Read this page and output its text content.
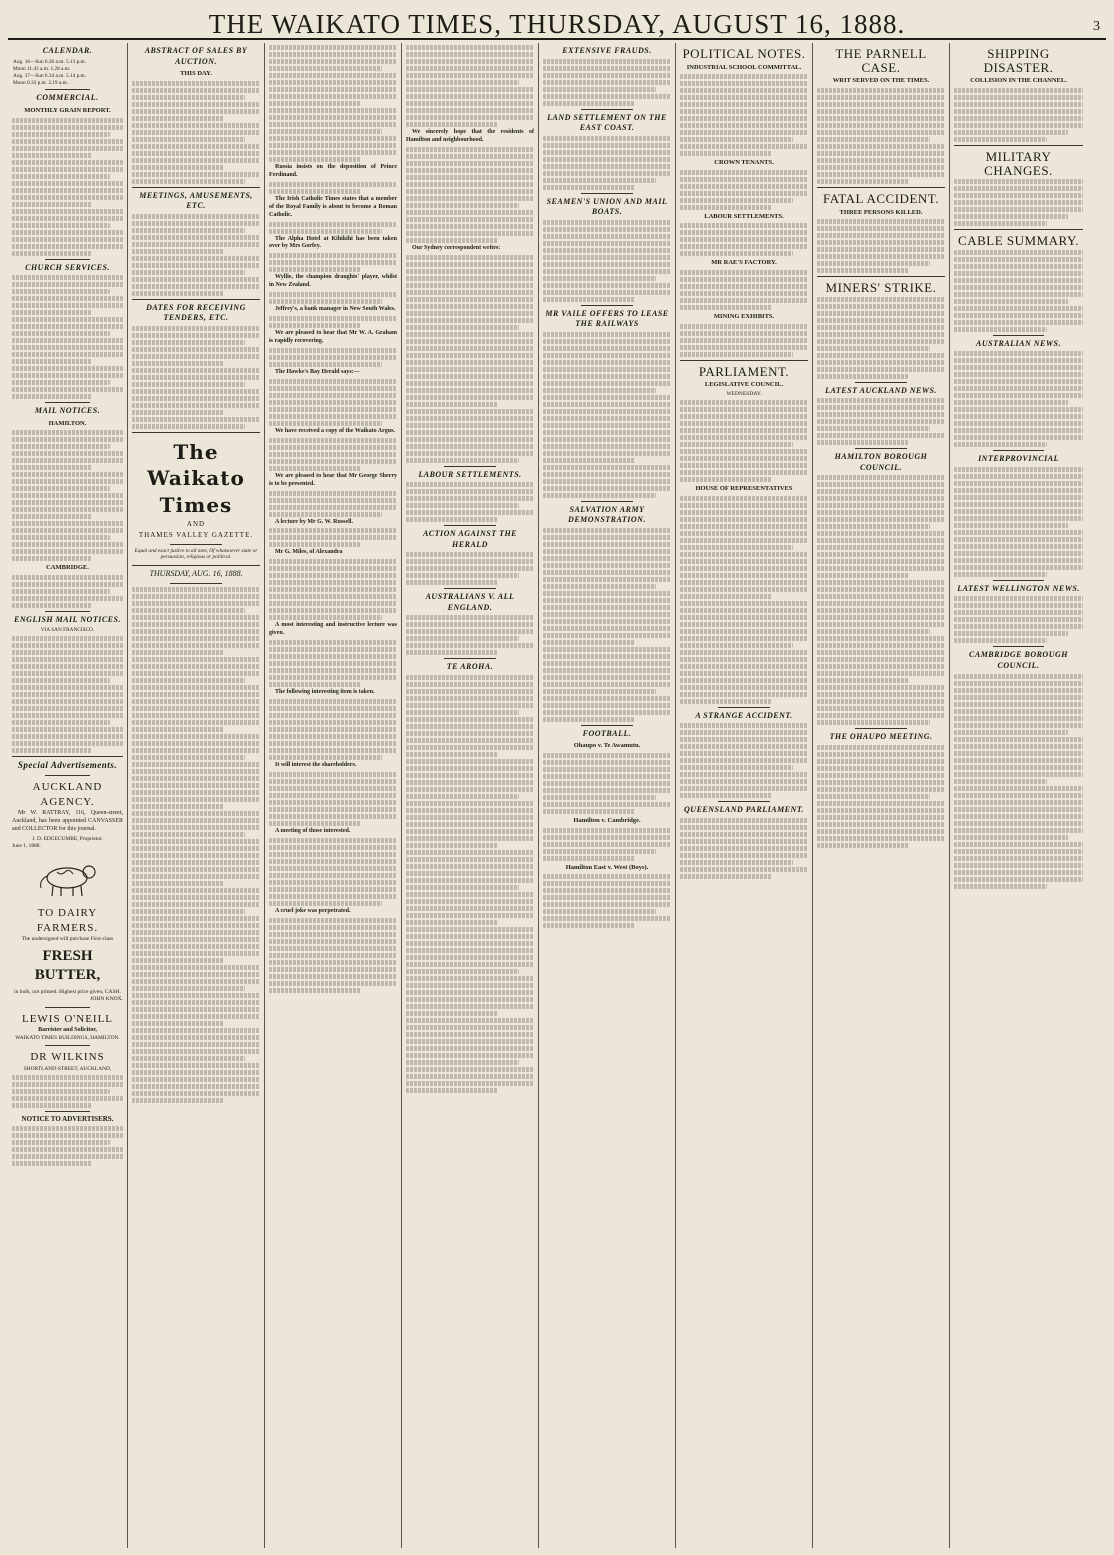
THE WAIKATO TIMES, THURSDAY, AUGUST 16, 1888.	3
CALENDAR.
Aug. 16—Sun 6.36 a.m. 5.13 p.m.
Moon 11.43 a.m. 1.28 a.m.
Aug. 17—Sun 6.34 a.m. 5.14 p.m.
Moon 0.33 p.m. 2.19 a.m.
COMMERCIAL.
MONTHLY GRAIN REPORT.
CHURCH SERVICES.
MAIL NOTICES.
HAMILTON.
CAMBRIDGE.
ENGLISH MAIL NOTICES.
VIA SAN FRANCISCO.
Special Advertisements.
AUCKLAND AGENCY.

Mr W. RATTRAY, 116, Queen-street, Auckland, has been appointed CANVASSER and COLLECTOR for this journal.

J. D. EDGECUMBE, Proprietor.
June 1, 1888.
TO DAIRY FARMERS.
The undersigned will purchase First-class
FRESH BUTTER,
in bulk, not printed. Highest price given, CASH.
JOHN KNOX.
LEWIS O'NEILL
Barrister and Solicitor,
WAIKATO TIMES BUILDINGS, HAMILTON.
DR WILKINS
SHORTLAND-STREET, AUCKLAND,
NOTICE TO ADVERTISERS.
ABSTRACT OF SALES BY AUCTION.
THIS DAY.
MEETINGS, AMUSEMENTS, ETC.
DATES FOR RECEIVING TENDERS, ETC.
The Waikato Times
AND
THAMES VALLEY GAZETTE.
Equal and exact justice to all men, Of whatsoever state or persuasion, religious or political.
THURSDAY, AUG. 16, 1888.

Russia insists on the deposition of Prince Ferdinand.

The Irish Catholic Times states that a member of the Royal Family is about to become a Roman Catholic.

The Alpha Hotel at Kihikihi has been taken over by Mrs Gorfey.

Wyllie, the champion draughts' player, whilst in New Zealand.

Jeffrey's, a bank manager in New South Wales.

We are pleased to hear that Mr W. A. Graham is rapidly recovering.

The Hawke's Bay Herald says:—

We have received a copy of the Waikato Argus.

We are pleased to hear that Mr George Sherry is to be presented.

A lecture by Mr G. W. Russell.

Mr G. Miles, of Alexandra

A most interesting and instructive lecture was given.

The following interesting item is taken.

It will interest the shareholders.

A meeting of those interested.

A cruel joke was perpetrated.

We sincerely hope that the residents of Hamilton and neighbourhood.

Our Sydney correspondent writes:

LABOUR SETTLEMENTS.
ACTION AGAINST THE HERALD
AUSTRALIANS V. ALL ENGLAND.
TE AROHA.
EXTENSIVE FRAUDS.
LAND SETTLEMENT ON THE EAST COAST.
SEAMEN'S UNION AND MAIL BOATS.
MR VAILE OFFERS TO LEASE THE RAILWAYS
SALVATION ARMY DEMONSTRATION.
FOOTBALL.
Ohaupo v. Te Awamutu.
Hamilton v. Cambridge.
Hamilton East v. West (Boys).
POLITICAL NOTES.
INDUSTRIAL SCHOOL COMMITTAL.
CROWN TENANTS.
LABOUR SETTLEMENTS.
MR RAE'S FACTORY.
MINING EXHIBITS.
PARLIAMENT.
LEGISLATIVE COUNCIL.
WEDNESDAY.
HOUSE OF REPRESENTATIVES
A STRANGE ACCIDENT.
QUEENSLAND PARLIAMENT.
THE PARNELL CASE.
WRIT SERVED ON THE TIMES.
FATAL ACCIDENT.
THREE PERSONS KILLED.
MINERS' STRIKE.
LATEST AUCKLAND NEWS.
HAMILTON BOROUGH COUNCIL.
THE OHAUPO MEETING.
SHIPPING DISASTER.
COLLISION IN THE CHANNEL.
MILITARY CHANGES.
CABLE SUMMARY.
AUSTRALIAN NEWS.
INTERPROVINCIAL
LATEST WELLINGTON NEWS.
CAMBRIDGE BOROUGH COUNCIL.
